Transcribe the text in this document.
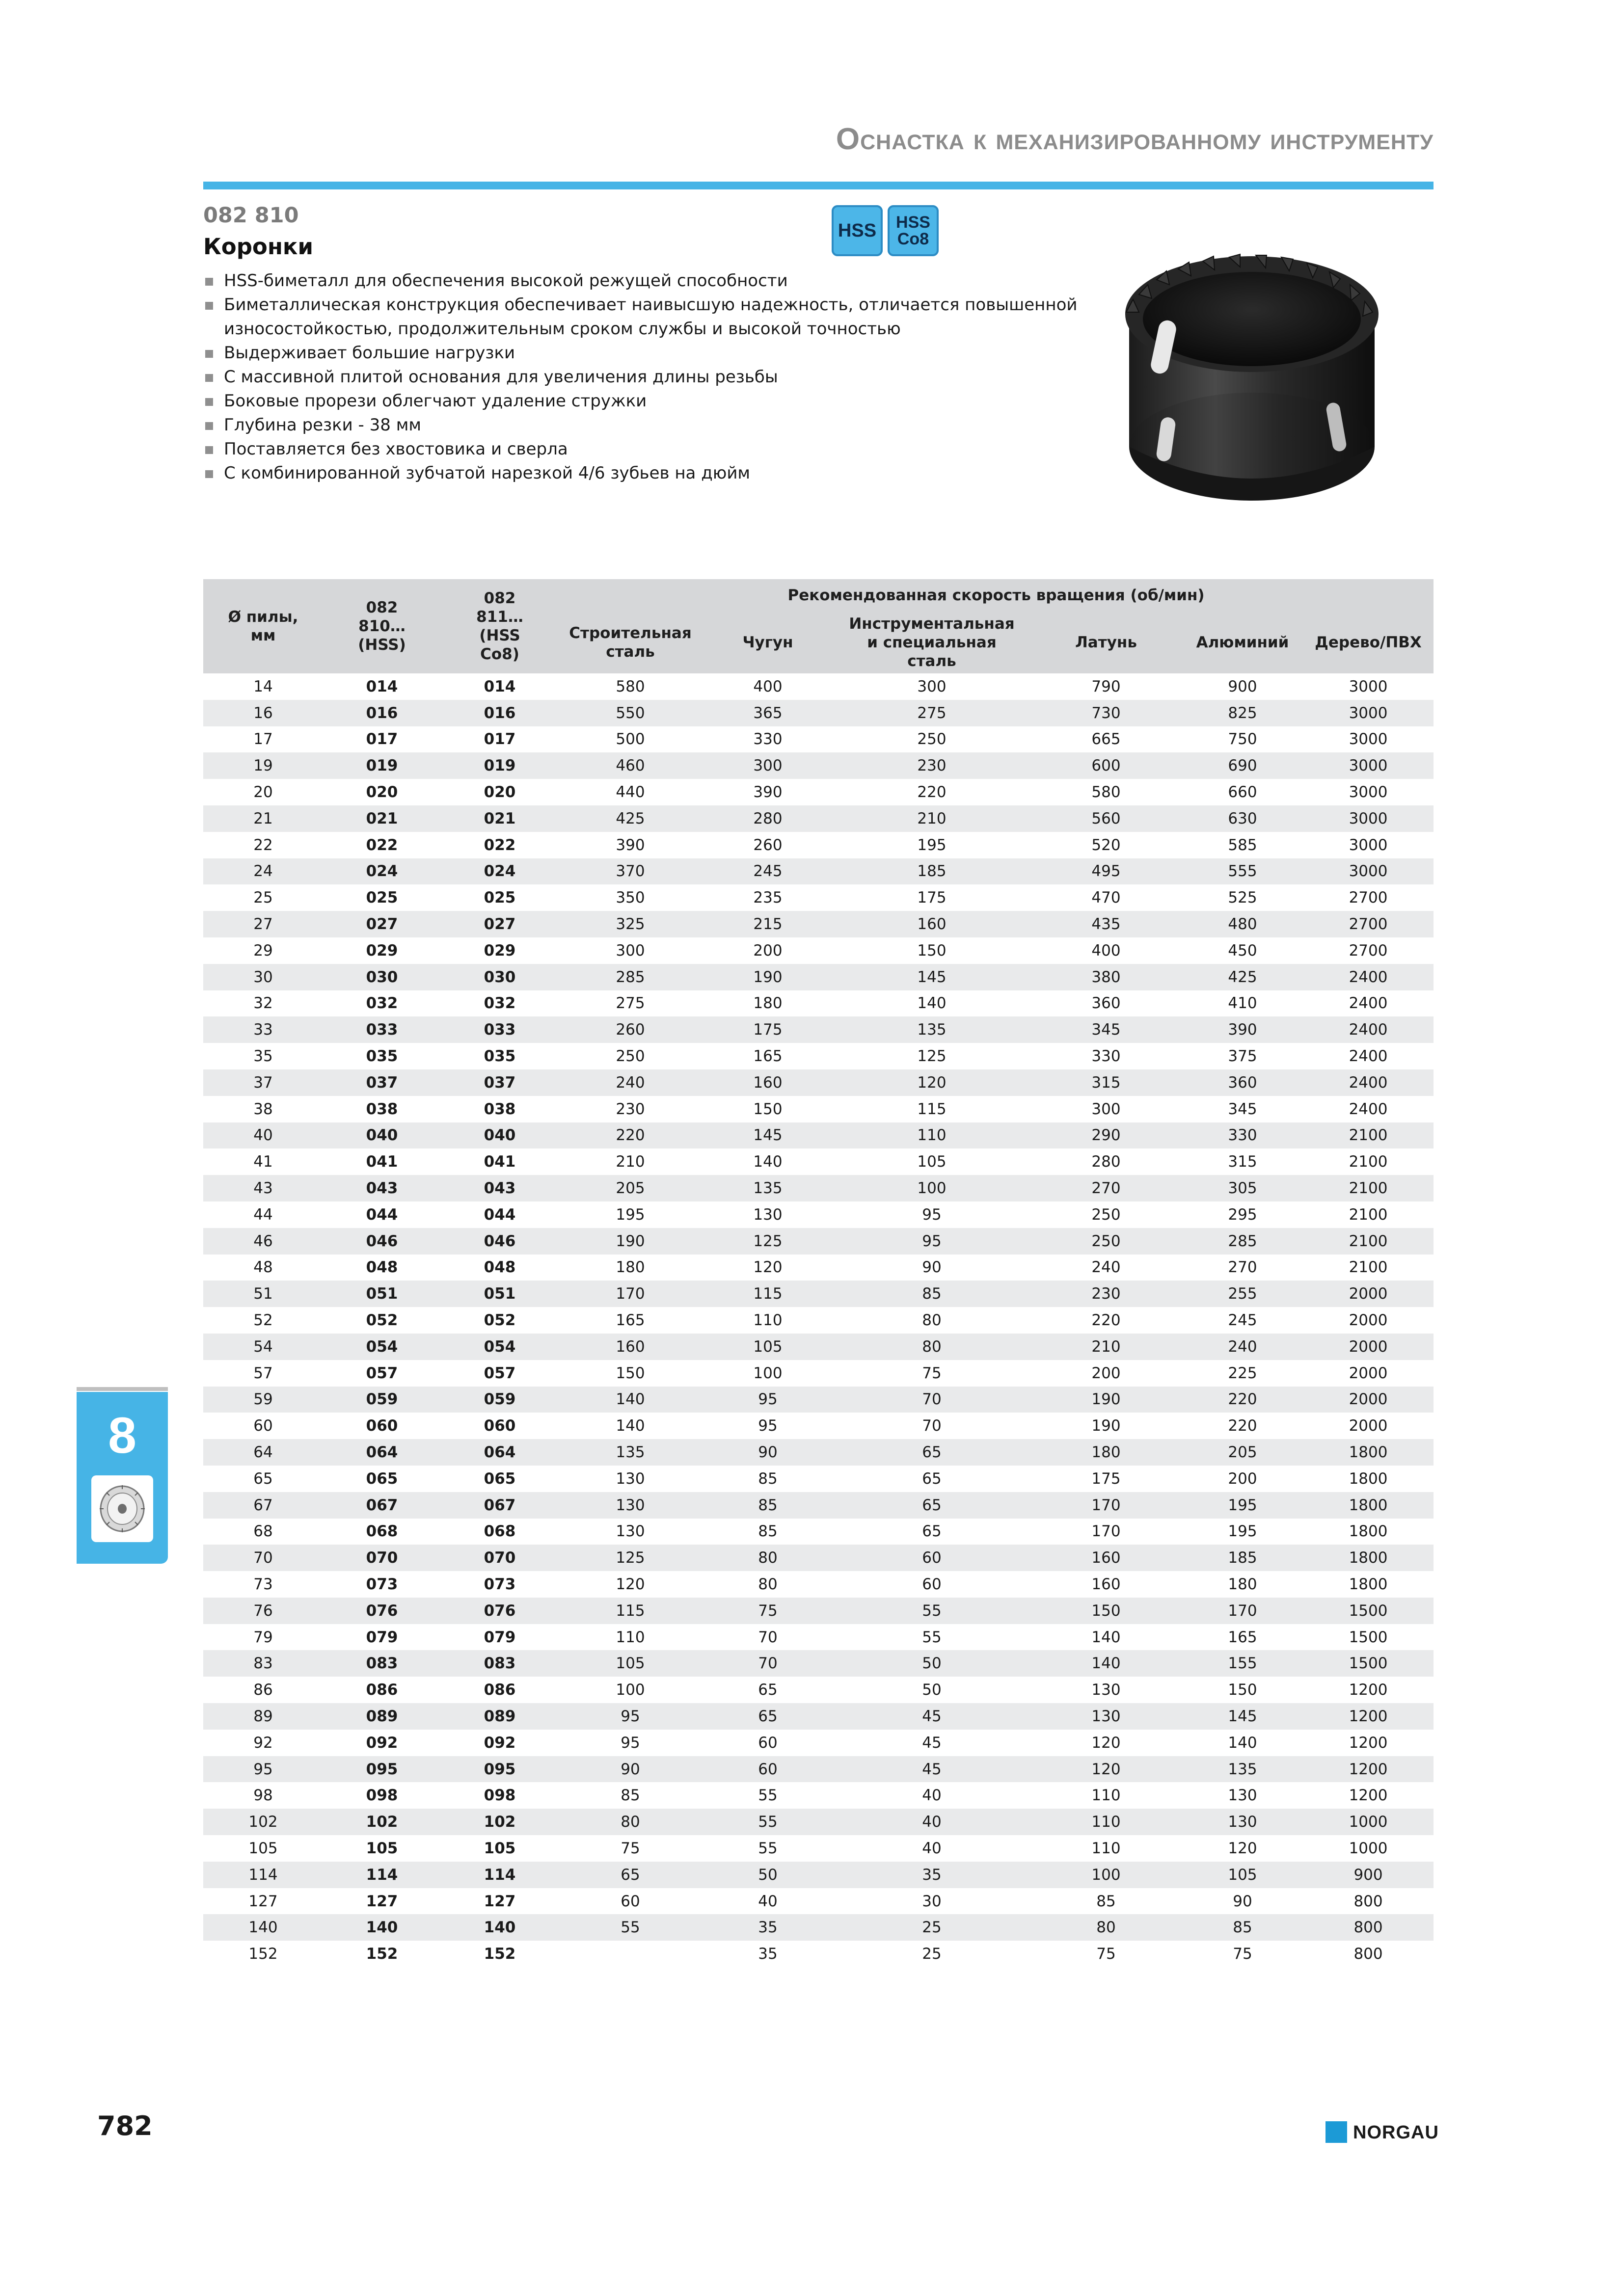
Оснастка к механизированному инструменту
082 810
Коронки
HSS HSS
Co8
HSS-биметалл для обеспечения высокой режущей способности
Биметаллическая конструкция обеспечивает наивысшую надежность, отличается повышенной износостойкостью, продолжительным сроком службы и высокой точностью
Выдерживает большие нагрузки
С массивной плитой основания для увеличения длины резьбы
Боковые прорези облегчают удаление стружки
Глубина резки - 38 мм
Поставляется без хвостовика и сверла
С комбинированной зубчатой нарезкой 4/6 зубьев на дюйм
Ø пилы, мм	082 810… (HSS)	082 811… (HSS Co8)	Рекомендованная скорость вращения (об/мин)					
			Строительная сталь	Чугун	Инструментальная и специальная сталь	Латунь	Алюминий	Дерево/ПВХ
14	014	014	580	400	300	790	900	3000
16	016	016	550	365	275	730	825	3000
17	017	017	500	330	250	665	750	3000
19	019	019	460	300	230	600	690	3000
20	020	020	440	390	220	580	660	3000
21	021	021	425	280	210	560	630	3000
22	022	022	390	260	195	520	585	3000
24	024	024	370	245	185	495	555	3000
25	025	025	350	235	175	470	525	2700
27	027	027	325	215	160	435	480	2700
29	029	029	300	200	150	400	450	2700
30	030	030	285	190	145	380	425	2400
32	032	032	275	180	140	360	410	2400
33	033	033	260	175	135	345	390	2400
35	035	035	250	165	125	330	375	2400
37	037	037	240	160	120	315	360	2400
38	038	038	230	150	115	300	345	2400
40	040	040	220	145	110	290	330	2100
41	041	041	210	140	105	280	315	2100
43	043	043	205	135	100	270	305	2100
44	044	044	195	130	95	250	295	2100
46	046	046	190	125	95	250	285	2100
48	048	048	180	120	90	240	270	2100
51	051	051	170	115	85	230	255	2000
52	052	052	165	110	80	220	245	2000
54	054	054	160	105	80	210	240	2000
57	057	057	150	100	75	200	225	2000
59	059	059	140	95	70	190	220	2000
60	060	060	140	95	70	190	220	2000
64	064	064	135	90	65	180	205	1800
65	065	065	130	85	65	175	200	1800
67	067	067	130	85	65	170	195	1800
68	068	068	130	85	65	170	195	1800
70	070	070	125	80	60	160	185	1800
73	073	073	120	80	60	160	180	1800
76	076	076	115	75	55	150	170	1500
79	079	079	110	70	55	140	165	1500
83	083	083	105	70	50	140	155	1500
86	086	086	100	65	50	130	150	1200
89	089	089	95	65	45	130	145	1200
92	092	092	95	60	45	120	140	1200
95	095	095	90	60	45	120	135	1200
98	098	098	85	55	40	110	130	1200
102	102	102	80	55	40	110	130	1000
105	105	105	75	55	40	110	120	1000
114	114	114	65	50	35	100	105	900
127	127	127	60	40	30	85	90	800
140	140	140	55	35	25	80	85	800
152	152	152		35	25	75	75	800
8
782	NORGAU
